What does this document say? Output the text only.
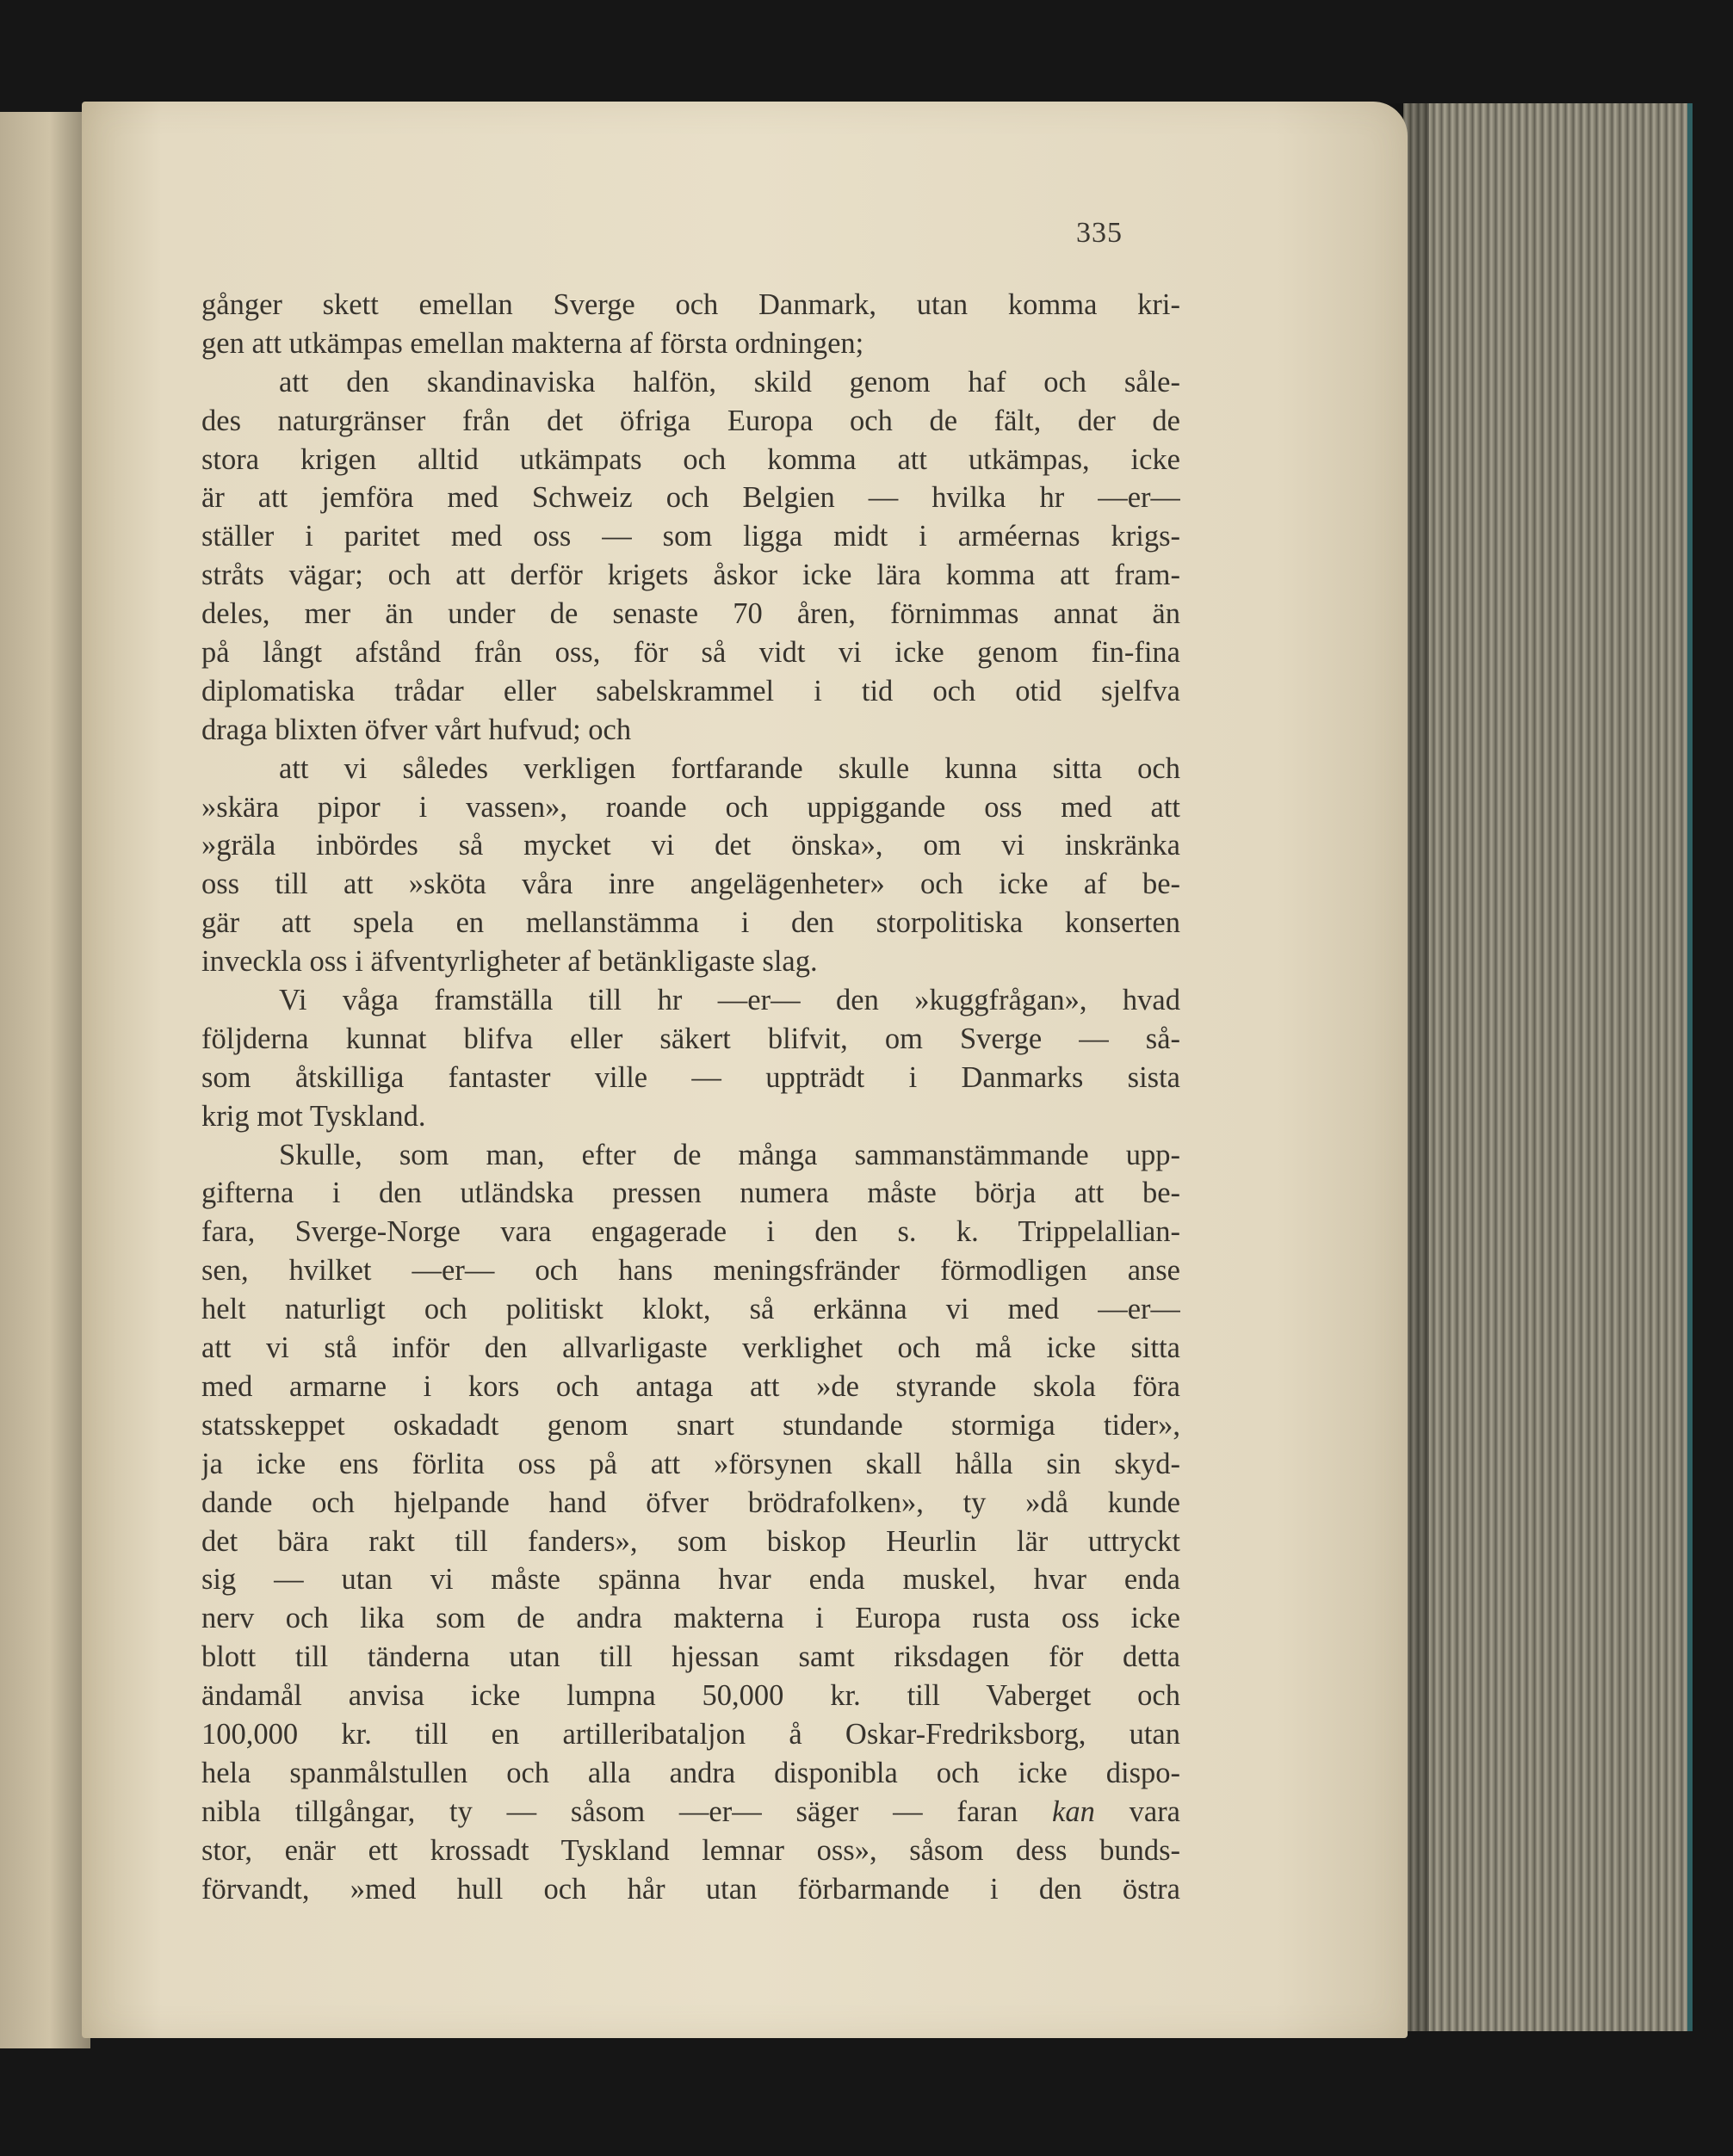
335
gånger skett emellan Sverge och Danmark, utan komma kri-
gen att utkämpas emellan makterna af första ordningen;
att den skandinaviska halfön, skild genom haf och såle-
des naturgränser från det öfriga Europa och de fält, der de
stora krigen alltid utkämpats och komma att utkämpas, icke
är att jemföra med Schweiz och Belgien — hvilka hr —er—
ställer i paritet med oss — som ligga midt i arméernas krigs-
stråts vägar; och att derför krigets åskor icke lära komma att fram-
deles, mer än under de senaste 70 åren, förnimmas annat än
på långt afstånd från oss, för så vidt vi icke genom fin-fina
diplomatiska trådar eller sabelskrammel i tid och otid sjelfva
draga blixten öfver vårt hufvud; och
att vi således verkligen fortfarande skulle kunna sitta och
»skära pipor i vassen», roande och uppiggande oss med att
»gräla inbördes så mycket vi det önska», om vi inskränka
oss till att »sköta våra inre angelägenheter» och icke af be-
gär att spela en mellanstämma i den storpolitiska konserten
inveckla oss i äfventyrligheter af betänkligaste slag.
Vi våga framställa till hr —er— den »kuggfrågan», hvad
följderna kunnat blifva eller säkert blifvit, om Sverge — så-
som åtskilliga fantaster ville — uppträdt i Danmarks sista
krig mot Tyskland.
Skulle, som man, efter de många sammanstämmande upp-
gifterna i den utländska pressen numera måste börja att be-
fara, Sverge-Norge vara engagerade i den s. k. Trippelallian-
sen, hvilket —er— och hans meningsfränder förmodligen anse
helt naturligt och politiskt klokt, så erkänna vi med —er—
att vi stå inför den allvarligaste verklighet och må icke sitta
med armarne i kors och antaga att »de styrande skola föra
statsskeppet oskadadt genom snart stundande stormiga tider»,
ja icke ens förlita oss på att »försynen skall hålla sin skyd-
dande och hjelpande hand öfver brödrafolken», ty »då kunde
det bära rakt till fanders», som biskop Heurlin lär uttryckt
sig — utan vi måste spänna hvar enda muskel, hvar enda
nerv och lika som de andra makterna i Europa rusta oss icke
blott till tänderna utan till hjessan samt riksdagen för detta
ändamål anvisa icke lumpna 50,000 kr. till Vaberget och
100,000 kr. till en artilleribataljon å Oskar-Fredriksborg, utan
hela spanmålstullen och alla andra disponibla och icke dispo-
nibla tillgångar, ty — såsom —er— säger — faran kan vara
stor, enär ett krossadt Tyskland lemnar oss», såsom dess bunds-
förvandt, »med hull och hår utan förbarmande i den östra
